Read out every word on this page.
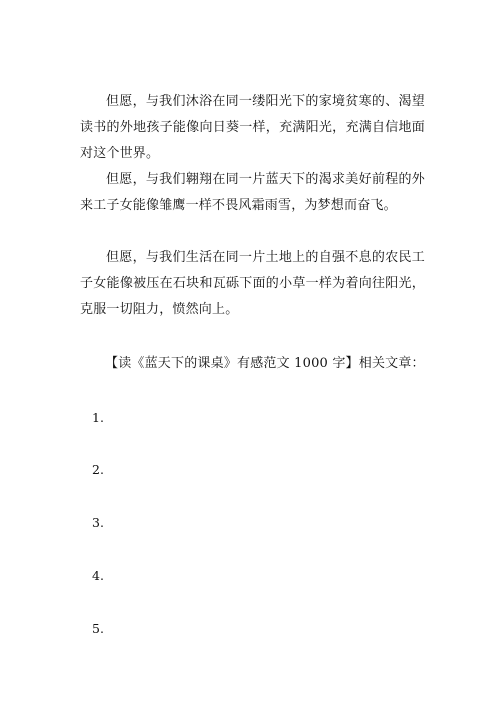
但愿，与我们沐浴在同一缕阳光下的家境贫寒的、渴望读书的外地孩子能像向日葵一样，充满阳光，充满自信地面对这个世界。

但愿，与我们翱翔在同一片蓝天下的渴求美好前程的外来工子女能像雏鹰一样不畏风霜雨雪，为梦想而奋飞。

但愿，与我们生活在同一片土地上的自强不息的农民工子女能像被压在石块和瓦砾下面的小草一样为着向往阳光，克服一切阻力，愤然向上。

【读《蓝天下的课桌》有感范文 1000 字】相关文章：

1.

2.

3.

4.

5.
